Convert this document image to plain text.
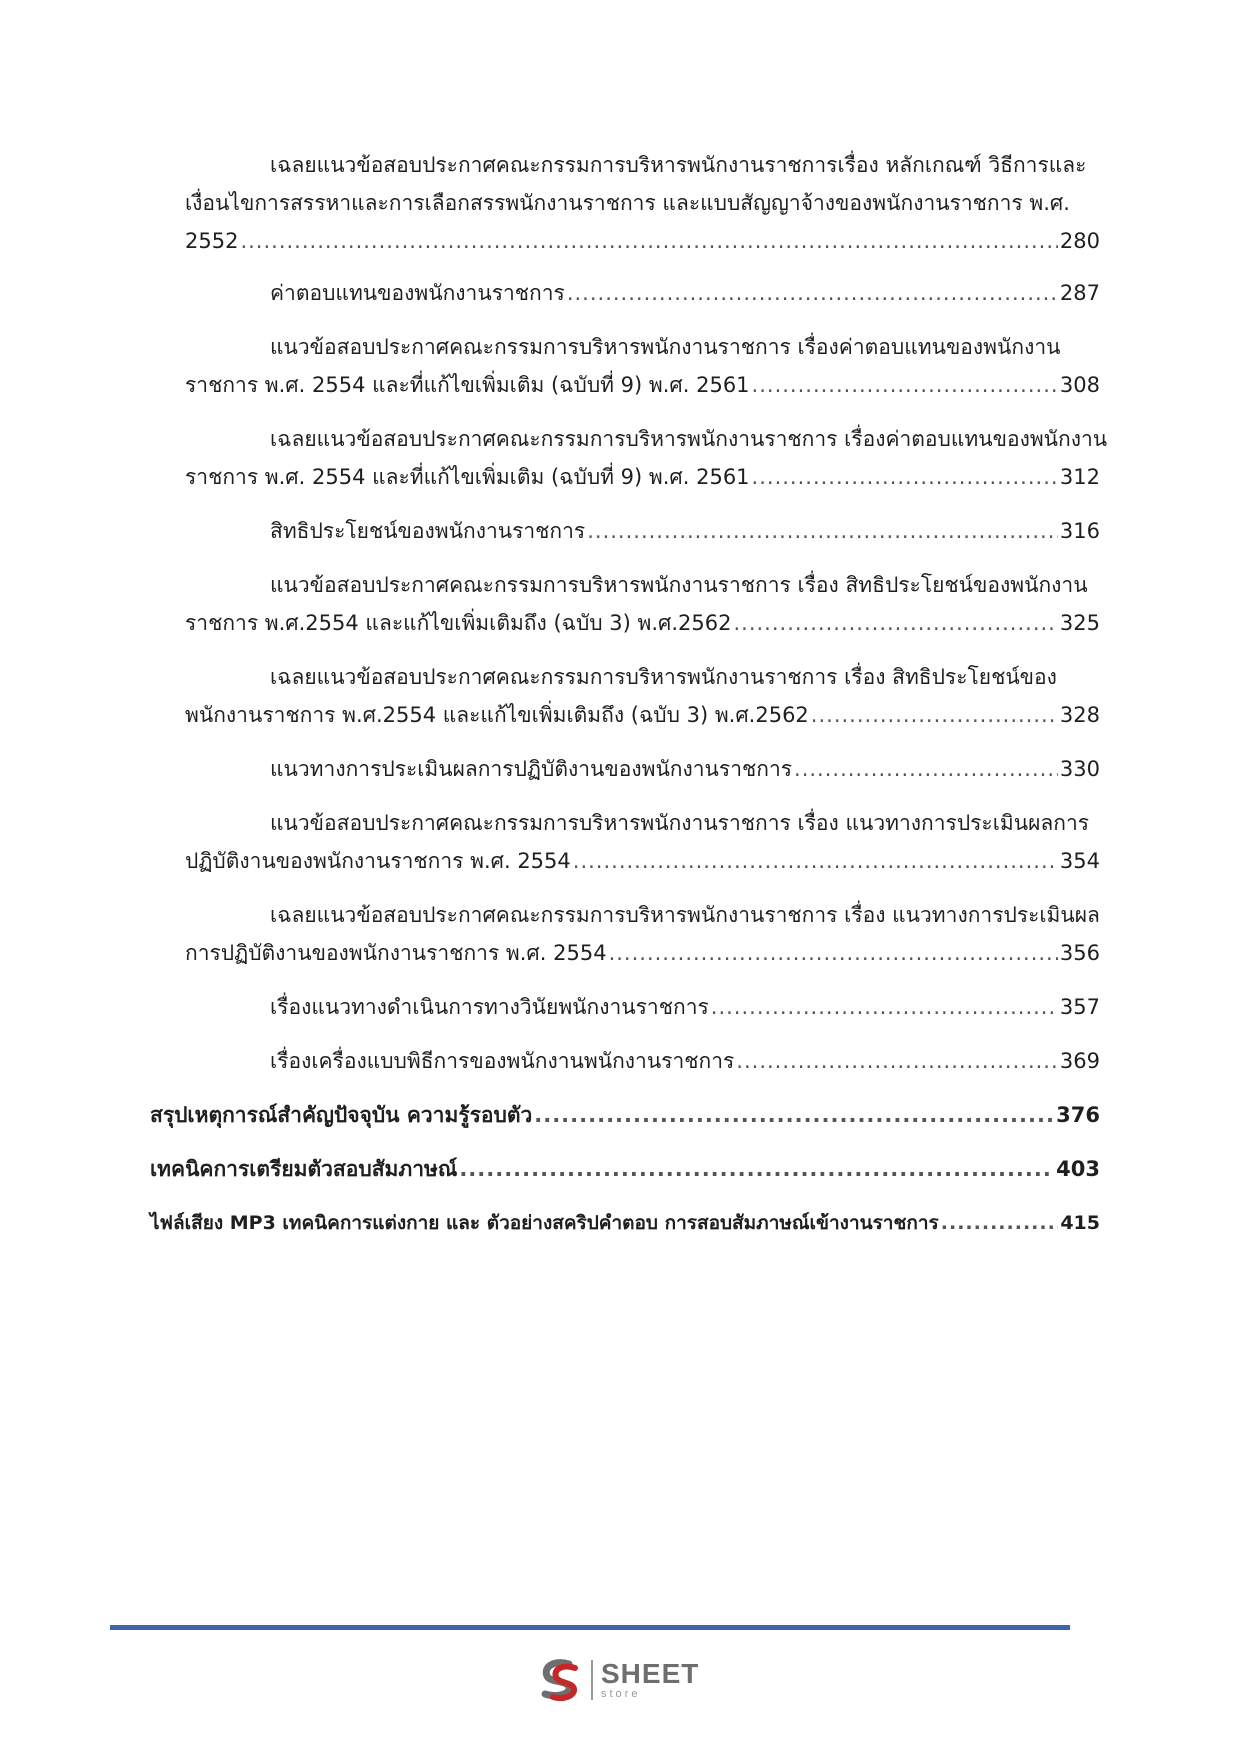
เฉลยแนวข้อสอบประกาศคณะกรรมการบริหารพนักงานราชการเรื่อง หลักเกณฑ์ วิธีการและ
เงื่อนไขการสรรหาและการเลือกสรรพนักงานราชการ และแบบสัญญาจ้างของพนักงานราชการ พ.ศ.
2552 .....	280
ค่าตอบแทนของพนักงานราชการ .....	287
แนวข้อสอบประกาศคณะกรรมการบริหารพนักงานราชการ เรื่องค่าตอบแทนของพนักงาน
ราชการ พ.ศ. 2554 และที่แก้ไขเพิ่มเติม (ฉบับที่ 9) พ.ศ. 2561 .....	308
เฉลยแนวข้อสอบประกาศคณะกรรมการบริหารพนักงานราชการ เรื่องค่าตอบแทนของพนักงาน
ราชการ พ.ศ. 2554 และที่แก้ไขเพิ่มเติม (ฉบับที่ 9) พ.ศ. 2561 .....	312
สิทธิประโยชน์ของพนักงานราชการ .....	316
แนวข้อสอบประกาศคณะกรรมการบริหารพนักงานราชการ เรื่อง สิทธิประโยชน์ของพนักงาน
ราชการ พ.ศ.2554 และแก้ไขเพิ่มเติมถึง (ฉบับ 3) พ.ศ.2562 .....	325
เฉลยแนวข้อสอบประกาศคณะกรรมการบริหารพนักงานราชการ เรื่อง สิทธิประโยชน์ของ
พนักงานราชการ พ.ศ.2554 และแก้ไขเพิ่มเติมถึง (ฉบับ 3) พ.ศ.2562 .....	328
แนวทางการประเมินผลการปฏิบัติงานของพนักงานราชการ .....	330
แนวข้อสอบประกาศคณะกรรมการบริหารพนักงานราชการ เรื่อง แนวทางการประเมินผลการ
ปฏิบัติงานของพนักงานราชการ พ.ศ. 2554 .....	354
เฉลยแนวข้อสอบประกาศคณะกรรมการบริหารพนักงานราชการ เรื่อง แนวทางการประเมินผล
การปฏิบัติงานของพนักงานราชการ พ.ศ. 2554 .....	356
เรื่องแนวทางดำเนินการทางวินัยพนักงานราชการ .....	357
เรื่องเครื่องแบบพิธีการของพนักงานพนักงานราชการ .....	369
สรุปเหตุการณ์สำคัญปัจจุบัน ความรู้รอบตัว .....	376
เทคนิคการเตรียมตัวสอบสัมภาษณ์ .....	403
ไฟล์เสียง MP3 เทคนิคการแต่งกาย และ ตัวอย่างสคริปคำตอบ การสอบสัมภาษณ์เข้างานราชการ .....	415
SHEET
store
